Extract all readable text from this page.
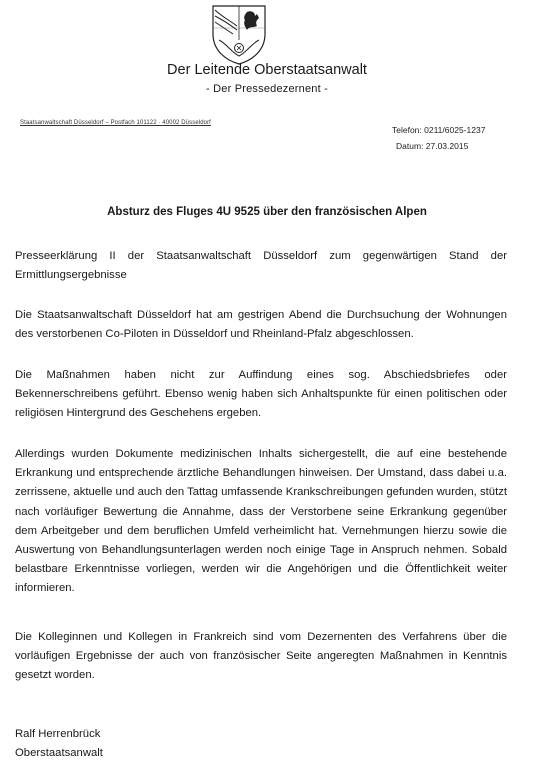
Der Leitende Oberstaatsanwalt
- Der Pressedezernent -
Staatsanwaltschaft Düsseldorf – Postfach 101122 · 40002 Düsseldorf
Telefon: 0211/6025-1237
Datum: 27.03.2015
Absturz des Fluges 4U 9525 über den französischen Alpen

Presseerklärung II der Staatsanwaltschaft Düsseldorf zum gegenwärtigen Stand der Ermittlungsergebnisse

Die Staatsanwaltschaft Düsseldorf hat am gestrigen Abend die Durchsuchung der Wohnungen des verstorbenen Co-Piloten in Düsseldorf und Rheinland-Pfalz abgeschlossen.

Die Maßnahmen haben nicht zur Auffindung eines sog. Abschiedsbriefes oder Bekennerschreibens geführt. Ebenso wenig haben sich Anhaltspunkte für einen politischen oder religiösen Hintergrund des Geschehens ergeben.

Allerdings wurden Dokumente medizinischen Inhalts sichergestellt, die auf eine bestehende Erkrankung und entsprechende ärztliche Behandlungen hinweisen. Der Umstand, dass dabei u.a. zerrissene, aktuelle und auch den Tattag umfassende Krankschreibungen gefunden wurden, stützt nach vorläufiger Bewertung die Annahme, dass der Verstorbene seine Erkrankung gegenüber dem Arbeitgeber und dem beruflichen Umfeld verheimlicht hat. Vernehmungen hierzu sowie die Auswertung von Behandlungsunterlagen werden noch einige Tage in Anspruch nehmen. Sobald belastbare Erkenntnisse vorliegen, werden wir die Angehörigen und die Öffentlichkeit weiter informieren.

Die Kolleginnen und Kollegen in Frankreich sind vom Dezernenten des Verfahrens über die vorläufigen Ergebnisse der auch von französischer Seite angeregten Maßnahmen in Kenntnis gesetzt worden.

Ralf Herrenbrück
Oberstaatsanwalt
